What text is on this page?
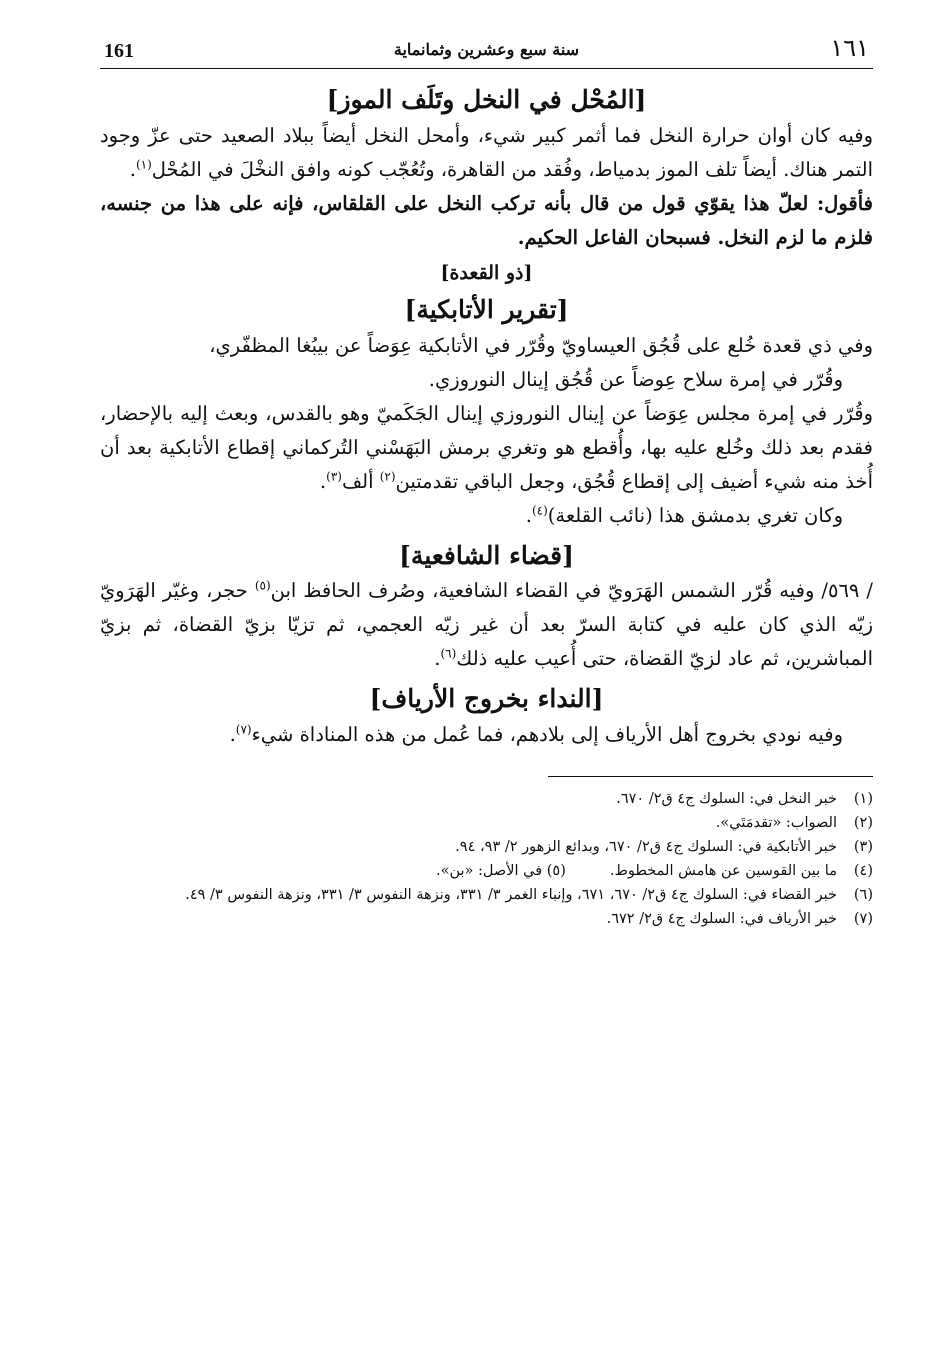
١٦١
سنة سبع وعشرين وثمانماية
161
[المُحْل في النخل وتَلَف الموز]

وفيه كان أوان حرارة النخل فما أثمر كبير شيء، وأمحل النخل أيضاً ببلاد الصعيد حتى عزّ وجود التمر هناك. أيضاً تلف الموز بدمياط، وفُقد من القاهرة، وتُعُجّب كونه وافق النخْلَ في المُحْل$^{(١)}$.

فأقول: لعلّ هذا يقوّي قول من قال بأنه تركب النخل على القلقاس، فإنه على هذا من جنسه، فلزم ما لزم النخل. فسبحان الفاعل الحكيم.

[ذو القعدة]
[تقرير الأتابكية]

وفي ذي قعدة خُلع على قُجُق العيساويّ وقُرّر في الأتابكية عِوَضاً عن بيبُغا المظفّري،

وقُرّر في إمرة سلاح عِوضاً عن قُجُق إينال النوروزي.

وقُرّر في إمرة مجلس عِوَضاً عن إينال النوروزي إينال الجَكَميّ وهو بالقدس، وبعث إليه بالإحضار، فقدم بعد ذلك وخُلع عليه بها، وأُقطع هو وتغري برمش البَهَسْني التُركماني إقطاع الأتابكية بعد أن أُخذ منه شيء أضيف إلى إقطاع قُجُق، وجعل الباقي تقدمتين$^{(٢)}$ ألف$^{(٣)}$.

وكان تغري بدمشق هذا (نائب القلعة)$^{(٤)}$.

[قضاء الشافعية]

/ ٥٦٩/ وفيه قُرّر الشمس الهَرَويّ في القضاء الشافعية، وصُرف الحافظ ابن$^{(٥)}$ حجر، وغيّر الهَرَويّ زيّه الذي كان عليه في كتابة السرّ بعد أن غير زيّه العجمي، ثم تزيّا بزيّ القضاة، ثم بزيّ المباشرين، ثم عاد لزيّ القضاة، حتى أُعيب عليه ذلك$^{(٦)}$.

[النداء بخروج الأرياف]

وفيه نودي بخروج أهل الأرياف إلى بلادهم، فما عُمل من هذه المناداة شيء$^{(٧)}$.

(١)
خبر النخل في: السلوك ج٤ ق٢/ ٦٧٠.

(٢)
الصواب: «تقدمَتَي».

(٣)
خبر الأتابكية في: السلوك ج٤ ق٢/ ٦٧٠، وبدائع الزهور ٢/ ٩٣، ٩٤.

(٤)
ما بين القوسين عن هامش المخطوط.(٥) في الأصل: «بن».

(٦)
خبر القضاء في: السلوك ج٤ ق٢/ ٦٧٠، ٦٧١، وإنباء الغمر ٣/ ٣٣١، ونزهة النفوس ٣/ ٣٣١، ونزهة النفوس ٣/ ٤٩.

(٧)
خبر الأرياف في: السلوك ج٤ ق٢/ ٦٧٢.
